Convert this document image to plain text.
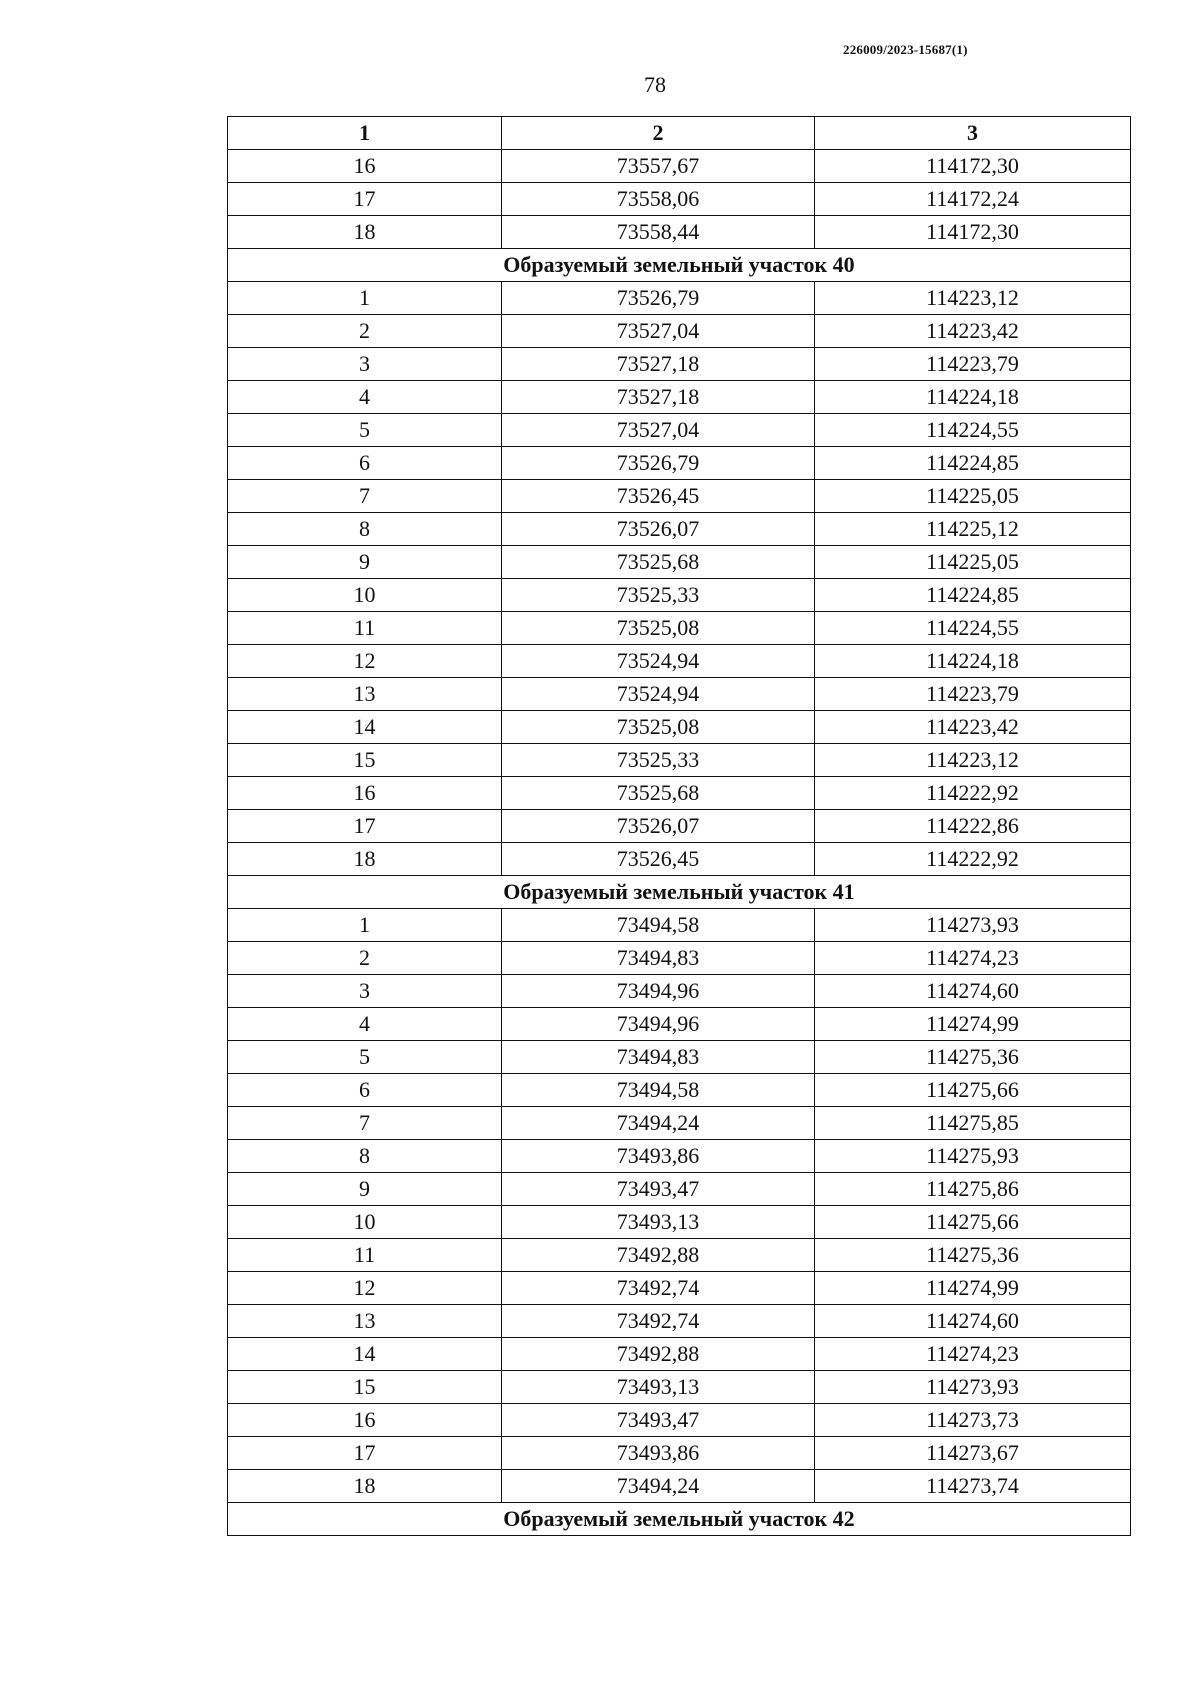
226009/2023-15687(1)
78
1	2	3
16	73557,67	114172,30
17	73558,06	114172,24
18	73558,44	114172,30
Образуемый земельный участок 40		
1	73526,79	114223,12
2	73527,04	114223,42
3	73527,18	114223,79
4	73527,18	114224,18
5	73527,04	114224,55
6	73526,79	114224,85
7	73526,45	114225,05
8	73526,07	114225,12
9	73525,68	114225,05
10	73525,33	114224,85
11	73525,08	114224,55
12	73524,94	114224,18
13	73524,94	114223,79
14	73525,08	114223,42
15	73525,33	114223,12
16	73525,68	114222,92
17	73526,07	114222,86
18	73526,45	114222,92
Образуемый земельный участок 41		
1	73494,58	114273,93
2	73494,83	114274,23
3	73494,96	114274,60
4	73494,96	114274,99
5	73494,83	114275,36
6	73494,58	114275,66
7	73494,24	114275,85
8	73493,86	114275,93
9	73493,47	114275,86
10	73493,13	114275,66
11	73492,88	114275,36
12	73492,74	114274,99
13	73492,74	114274,60
14	73492,88	114274,23
15	73493,13	114273,93
16	73493,47	114273,73
17	73493,86	114273,67
18	73494,24	114273,74
Образуемый земельный участок 42		
